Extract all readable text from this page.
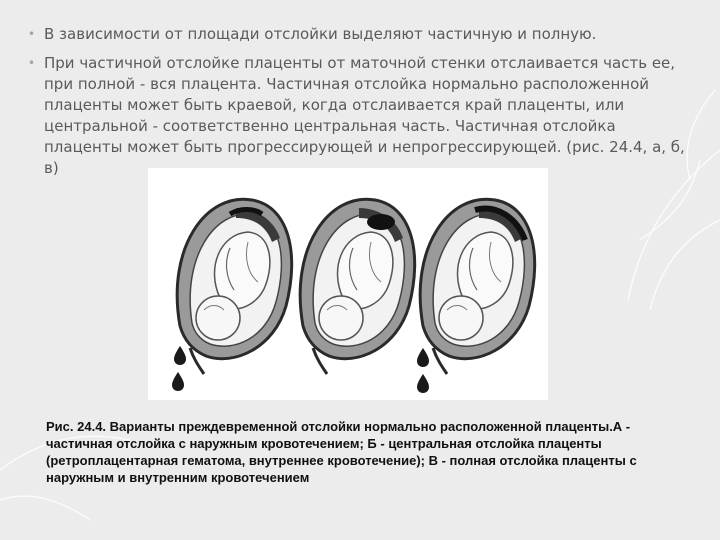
• В зависимости от площади отслойки выделяют частичную и полную.
• При частичной отслойке плаценты от маточной стенки отслаивается часть ее, при полной - вся плацента. Частичная отслойка нормально расположенной плаценты может быть краевой, когда отслаивается край плаценты, или центральной - соответственно центральная часть. Частичная отслойка плаценты может быть прогрессирующей и непрогрессирующей. (рис. 24.4, а, б, в)

Рис. 24.4. Варианты преждевременной отслойки нормально расположенной плаценты.А - частичная отслойка с наружным кровотечением; Б - центральная отслойка плаценты (ретроплацентарная гематома, внутреннее кровотечение); В - полная отслойка плаценты с наружным и внутренним кровотечением
